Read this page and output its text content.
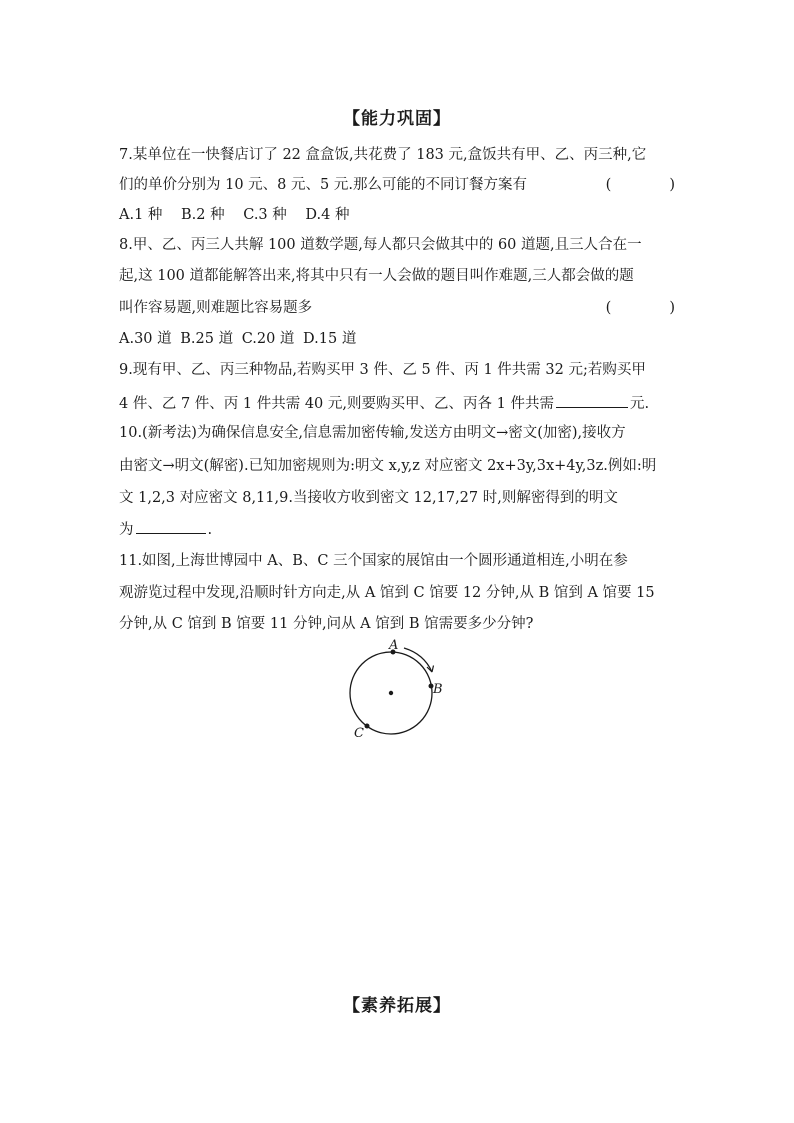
【能力巩固】
7.某单位在一快餐店订了 22 盒盒饭,共花费了 183 元,盒饭共有甲、乙、丙三种,它
们的单价分别为 10 元、8 元、5 元.那么可能的不同订餐方案有	(　　　　)
A.1 种 B.2 种 C.3 种 D.4 种
8.甲、乙、丙三人共解 100 道数学题,每人都只会做其中的 60 道题,且三人合在一
起,这 100 道都能解答出来,将其中只有一人会做的题目叫作难题,三人都会做的题
叫作容易题,则难题比容易题多	(　　　　)
A.30 道 B.25 道 C.20 道 D.15 道
9.现有甲、乙、丙三种物品,若购买甲 3 件、乙 5 件、丙 1 件共需 32 元;若购买甲
4 件、乙 7 件、丙 1 件共需 40 元,则要购买甲、乙、丙各 1 件共需	元.
10.(新考法)为确保信息安全,信息需加密传输,发送方由明文→密文(加密),接收方
由密文→明文(解密).已知加密规则为:明文 x,y,z 对应密文 2x+3y,3x+4y,3z.例如:明
文 1,2,3 对应密文 8,11,9.当接收方收到密文 12,17,27 时,则解密得到的明文
为	.
11.如图,上海世博园中 A、B、C 三个国家的展馆由一个圆形通道相连,小明在参
观游览过程中发现,沿顺时针方向走,从 A 馆到 C 馆要 12 分钟,从 B 馆到 A 馆要 15
分钟,从 C 馆到 B 馆要 11 分钟,问从 A 馆到 B 馆需要多少分钟?
A
B
C
【素养拓展】
